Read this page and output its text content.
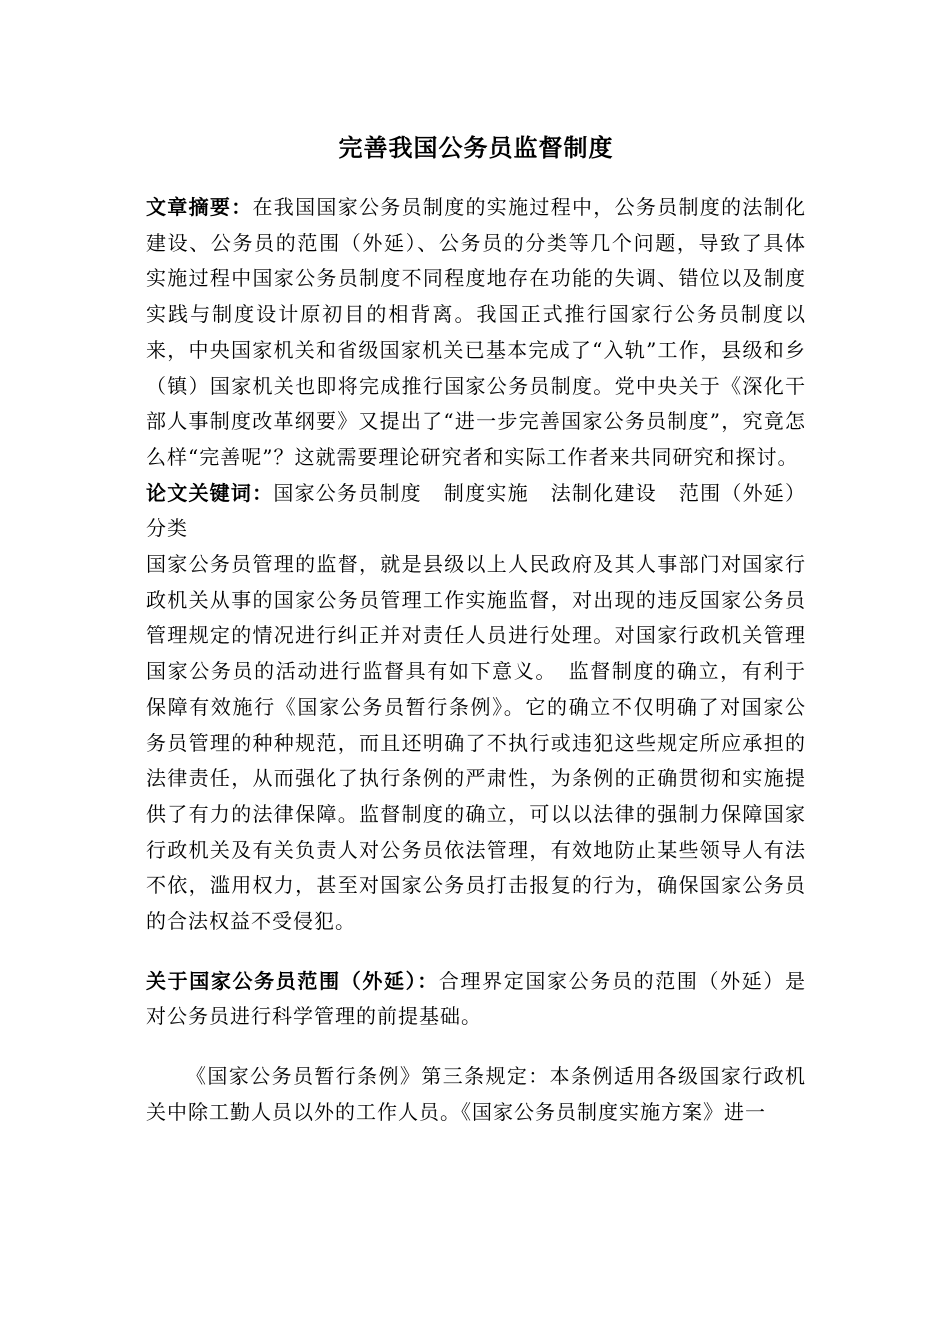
完善我国公务员监督制度

文章摘要：在我国国家公务员制度的实施过程中，公务员制度的法制化建设、公务员的范围（外延）、公务员的分类等几个问题，导致了具体实施过程中国家公务员制度不同程度地存在功能的失调、错位以及制度实践与制度设计原初目的相背离。我国正式推行国家行公务员制度以来，中央国家机关和省级国家机关已基本完成了“入轨”工作，县级和乡（镇）国家机关也即将完成推行国家公务员制度。党中央关于《深化干部人事制度改革纲要》又提出了“进一步完善国家公务员制度”，究竟怎么样“完善呢”？这就需要理论研究者和实际工作者来共同研究和探讨。

论文关键词：国家公务员制度 制度实施 法制化建设 范围（外延）分类

国家公务员管理的监督，就是县级以上人民政府及其人事部门对国家行政机关从事的国家公务员管理工作实施监督，对出现的违反国家公务员管理规定的情况进行纠正并对责任人员进行处理。对国家行政机关管理国家公务员的活动进行监督具有如下意义。　监督制度的确立，有利于保障有效施行《国家公务员暂行条例》。它的确立不仅明确了对国家公务员管理的种种规范，而且还明确了不执行或违犯这些规定所应承担的法律责任，从而强化了执行条例的严肃性，为条例的正确贯彻和实施提供了有力的法律保障。监督制度的确立，可以以法律的强制力保障国家行政机关及有关负责人对公务员依法管理，有效地防止某些领导人有法不依，滥用权力，甚至对国家公务员打击报复的行为，确保国家公务员的合法权益不受侵犯。

关于国家公务员范围（外延）：合理界定国家公务员的范围（外延）是对公务员进行科学管理的前提基础。

《国家公务员暂行条例》第三条规定：本条例适用各级国家行政机关中除工勤人员以外的工作人员。《国家公务员制度实施方案》进一
